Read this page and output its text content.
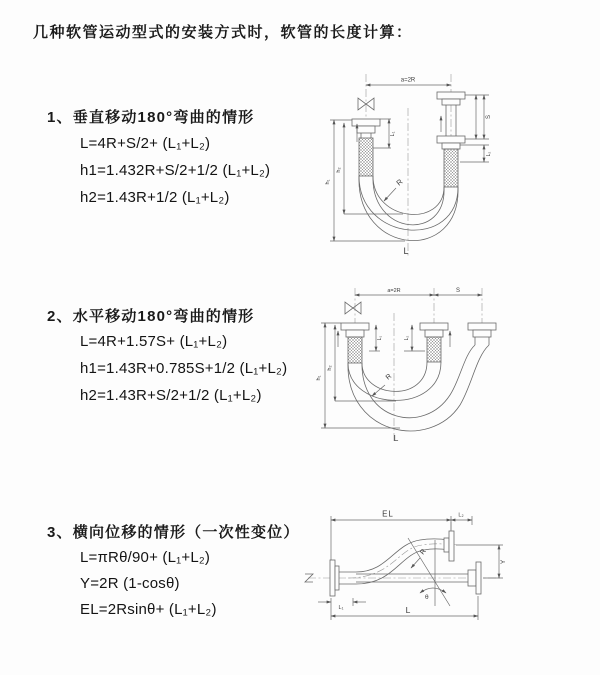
几种软管运动型式的安装方式时，软管的长度计算：
1、垂直移动180°弯曲的情形
L=4R+S/2+ (L₁+L₂)
h1=1.432R+S/2+1/2 (L₁+L₂)
h2=1.43R+1/2 (L₁+L₂)
2、水平移动180°弯曲的情形
L=4R+1.57S+ (L₁+L₂)
h1=1.43R+0.785S+1/2 (L₁+L₂)
h2=1.43R+S/2+1/2 (L₁+L₂)
3、横向位移的情形（一次性变位）
L=πRθ/90+ (L₁+L₂)
Y=2R (1-cosθ)
EL=2Rsinθ+ (L₁+L₂)
a=2R
L₁
S
L₂
h₁
h₂
R
L
a=2R	S
L₁	L₂
h₁
h₂
R
L
EL	L₂
Y
L
L₁
θ
R
